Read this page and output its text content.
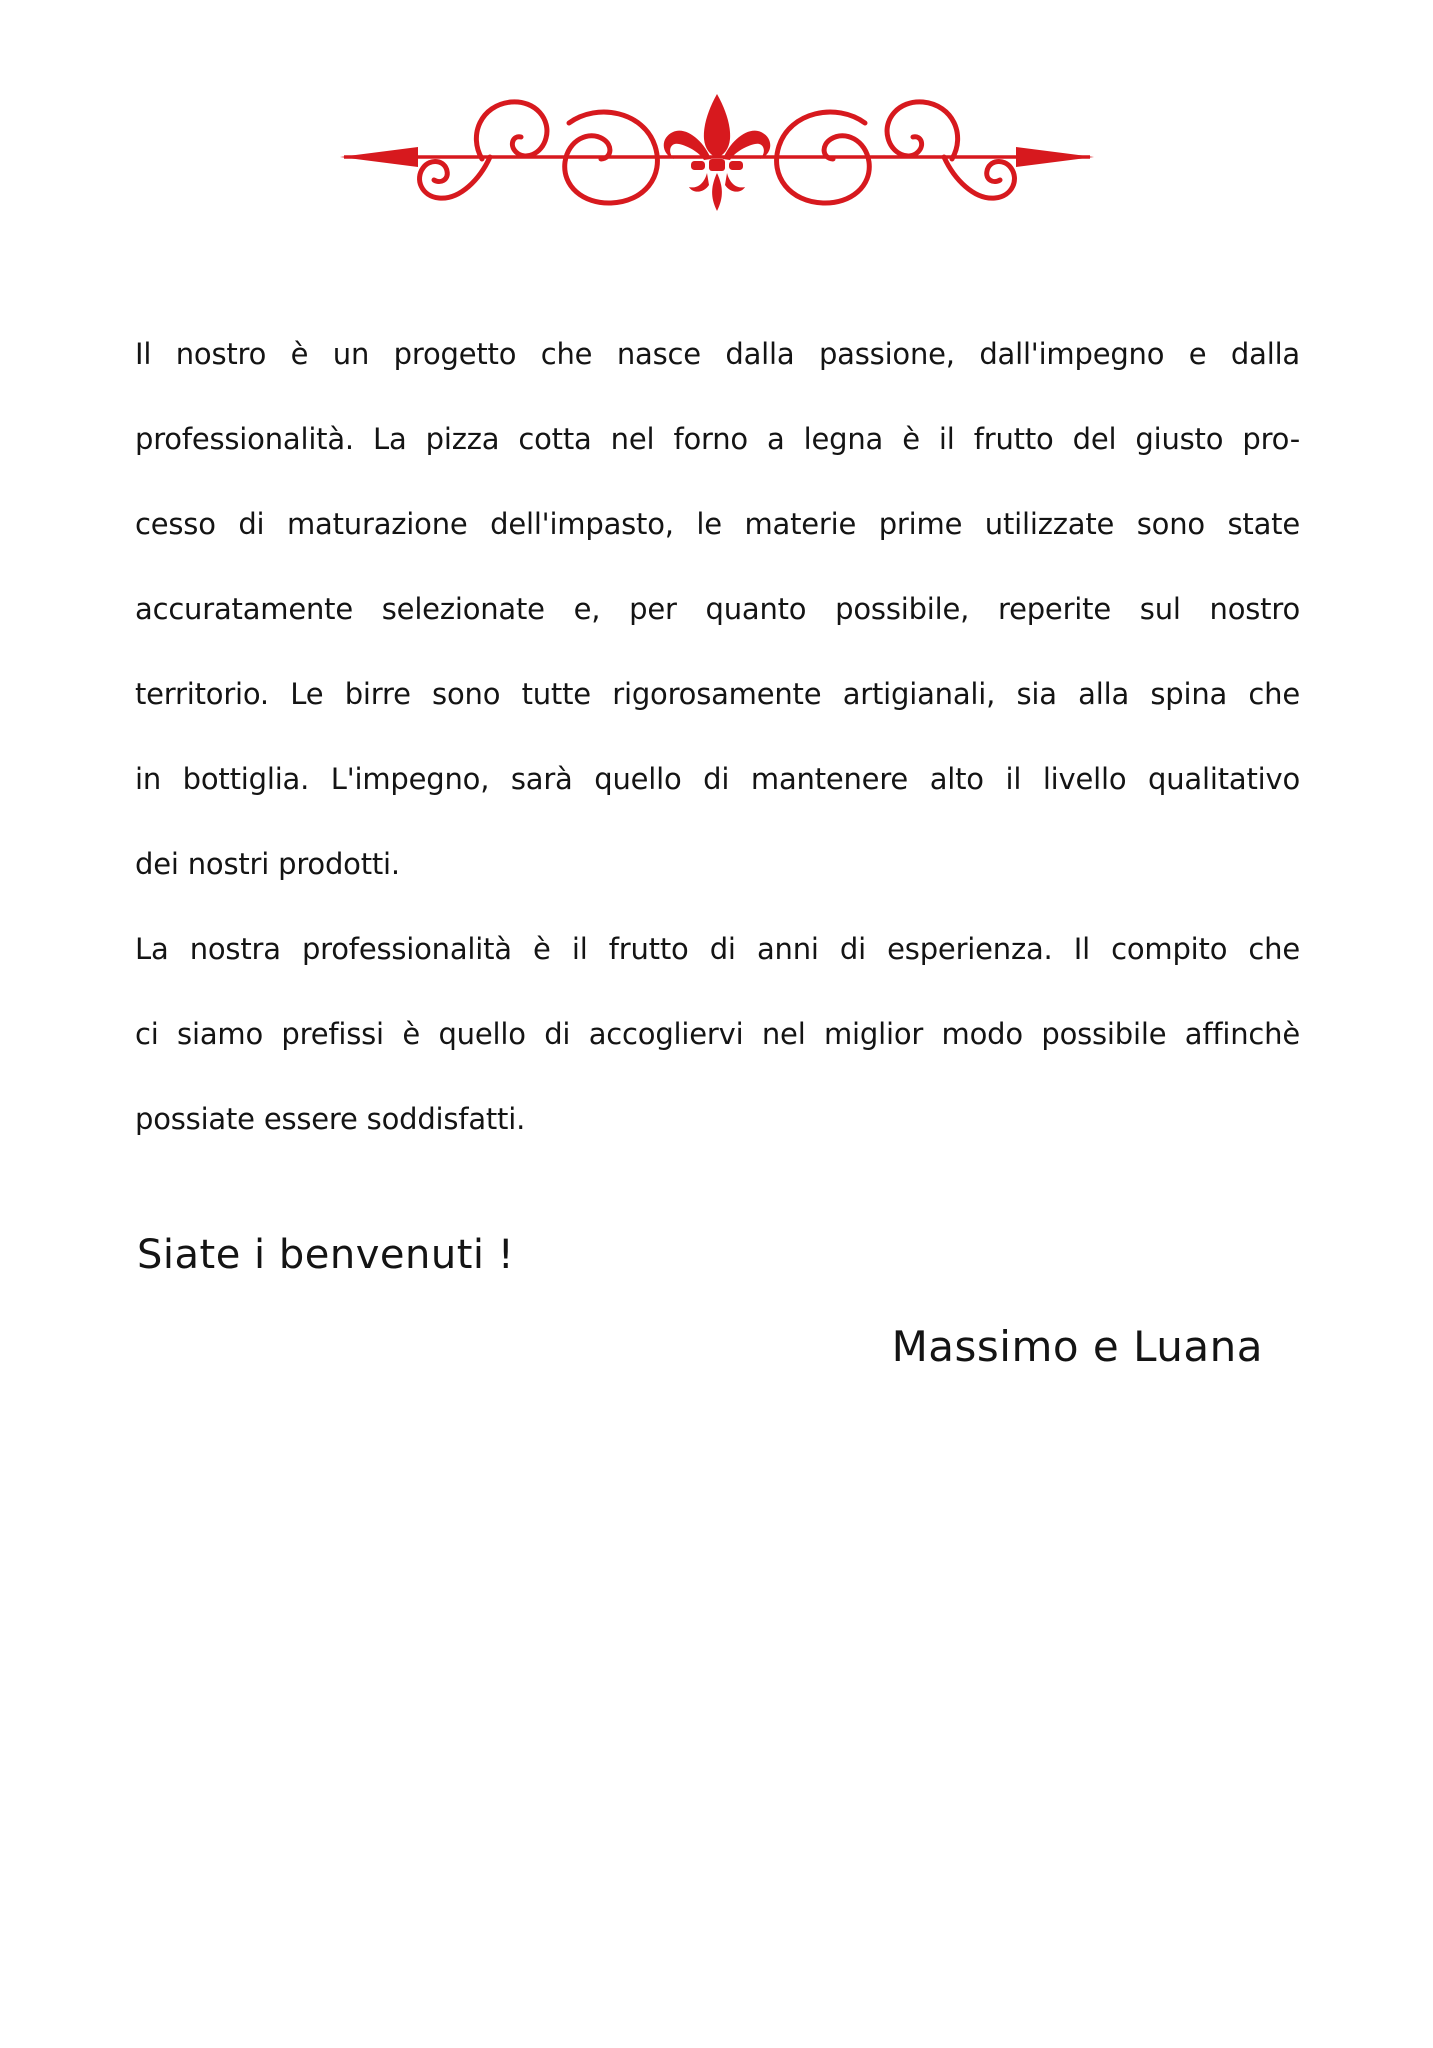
Il nostro è un progetto che nasce dalla passione, dall'impegno e dalla
professionalità. La pizza cotta nel forno a legna è il frutto del giusto pro-
cesso di maturazione dell'impasto, le materie prime utilizzate sono state
accuratamente selezionate e, per quanto possibile, reperite sul nostro
territorio. Le birre sono tutte rigorosamente artigianali, sia alla spina che
in bottiglia. L'impegno, sarà quello di mantenere alto il livello qualitativo
dei nostri prodotti.
La nostra professionalità è il frutto di anni di esperienza. Il compito che
ci siamo prefissi è quello di accogliervi nel miglior modo possibile affinchè
possiate essere soddisfatti.
Siate i benvenuti !
Massimo e Luana
